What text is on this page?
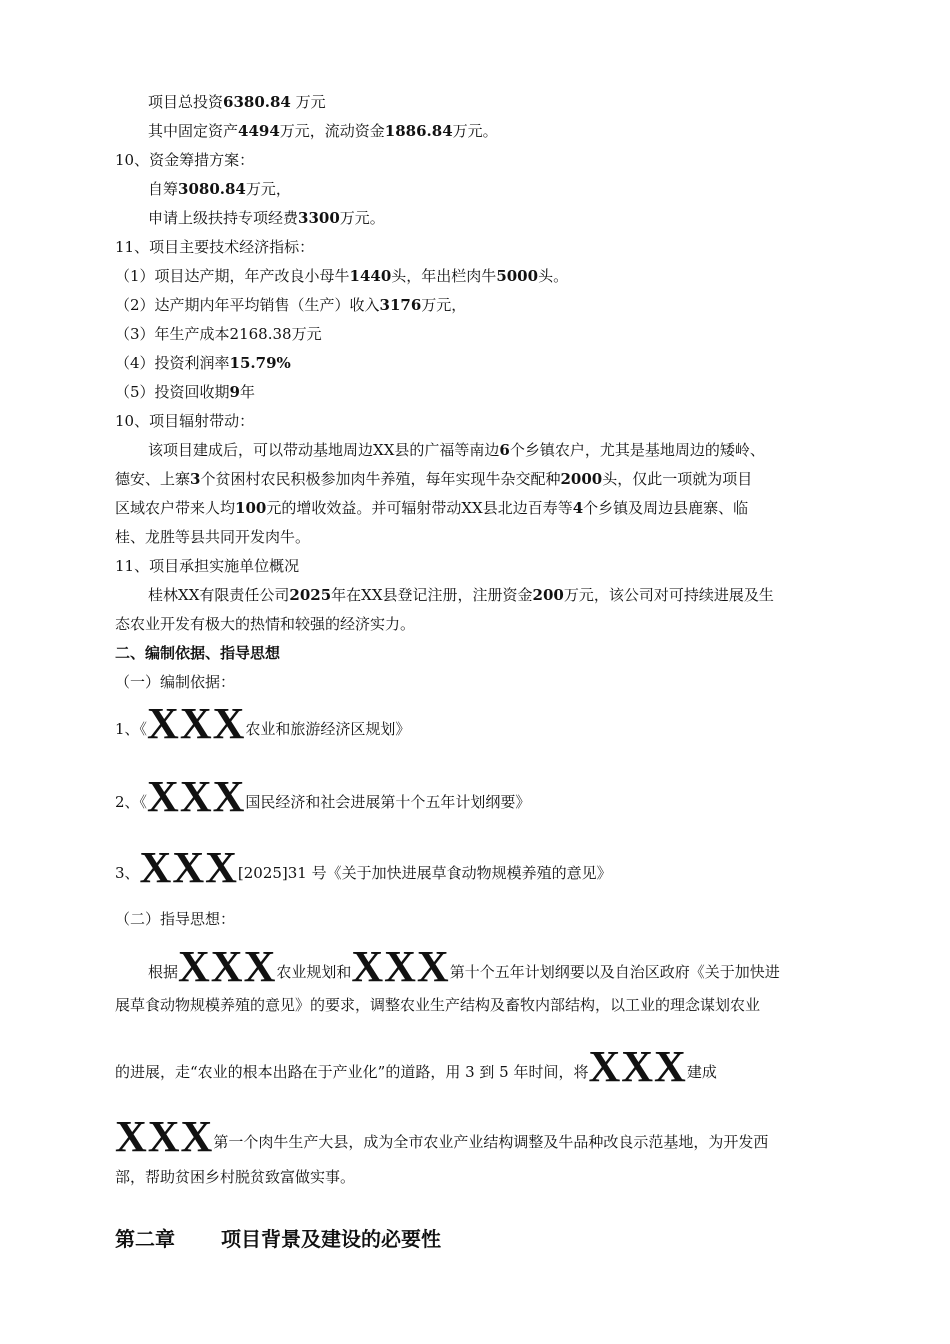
项目总投资6380.84 万元
其中固定资产4494万元，流动资金1886.84万元。
10、资金筹措方案：
自筹3080.84万元，
申请上级扶持专项经费3300万元。
11、项目主要技术经济指标：
（1）项目达产期，年产改良小母牛1440头，年出栏肉牛5000头。
（2）达产期内年平均销售（生产）收入3176万元，
（3）年生产成本2168.38万元
（4）投资利润率15.79%
（5）投资回收期9年
10、项目辐射带动：
该项目建成后，可以带动基地周边XX县的广福等南边6个乡镇农户，尤其是基地周边的矮岭、
德安、上寨3个贫困村农民积极参加肉牛养殖，每年实现牛杂交配种2000头，仅此一项就为项目
区域农户带来人均100元的增收效益。并可辐射带动XX县北边百寿等4个乡镇及周边县鹿寨、临
桂、龙胜等县共同开发肉牛。
11、项目承担实施单位概况
桂林XX有限责任公司2025年在XX县登记注册，注册资金200万元，该公司对可持续进展及生
态农业开发有极大的热情和较强的经济实力。
二、编制依据、指导思想
（一）编制依据：
1、《XXX农业和旅游经济区规划》
2、《XXX国民经济和社会进展第十个五年计划纲要》
3、XXX[2025]31 号《关于加快进展草食动物规模养殖的意见》
（二）指导思想：
根据XXX农业规划和XXX第十个五年计划纲要以及自治区政府《关于加快进
展草食动物规模养殖的意见》的要求，调整农业生产结构及畜牧内部结构，以工业的理念谋划农业
的进展，走“农业的根本出路在于产业化”的道路，用 3 到 5 年时间，将XXX建成
XXX第一个肉牛生产大县，成为全市农业产业结构调整及牛品种改良示范基地，为开发西
部，帮助贫困乡村脱贫致富做实事。
第二章 项目背景及建设的必要性
